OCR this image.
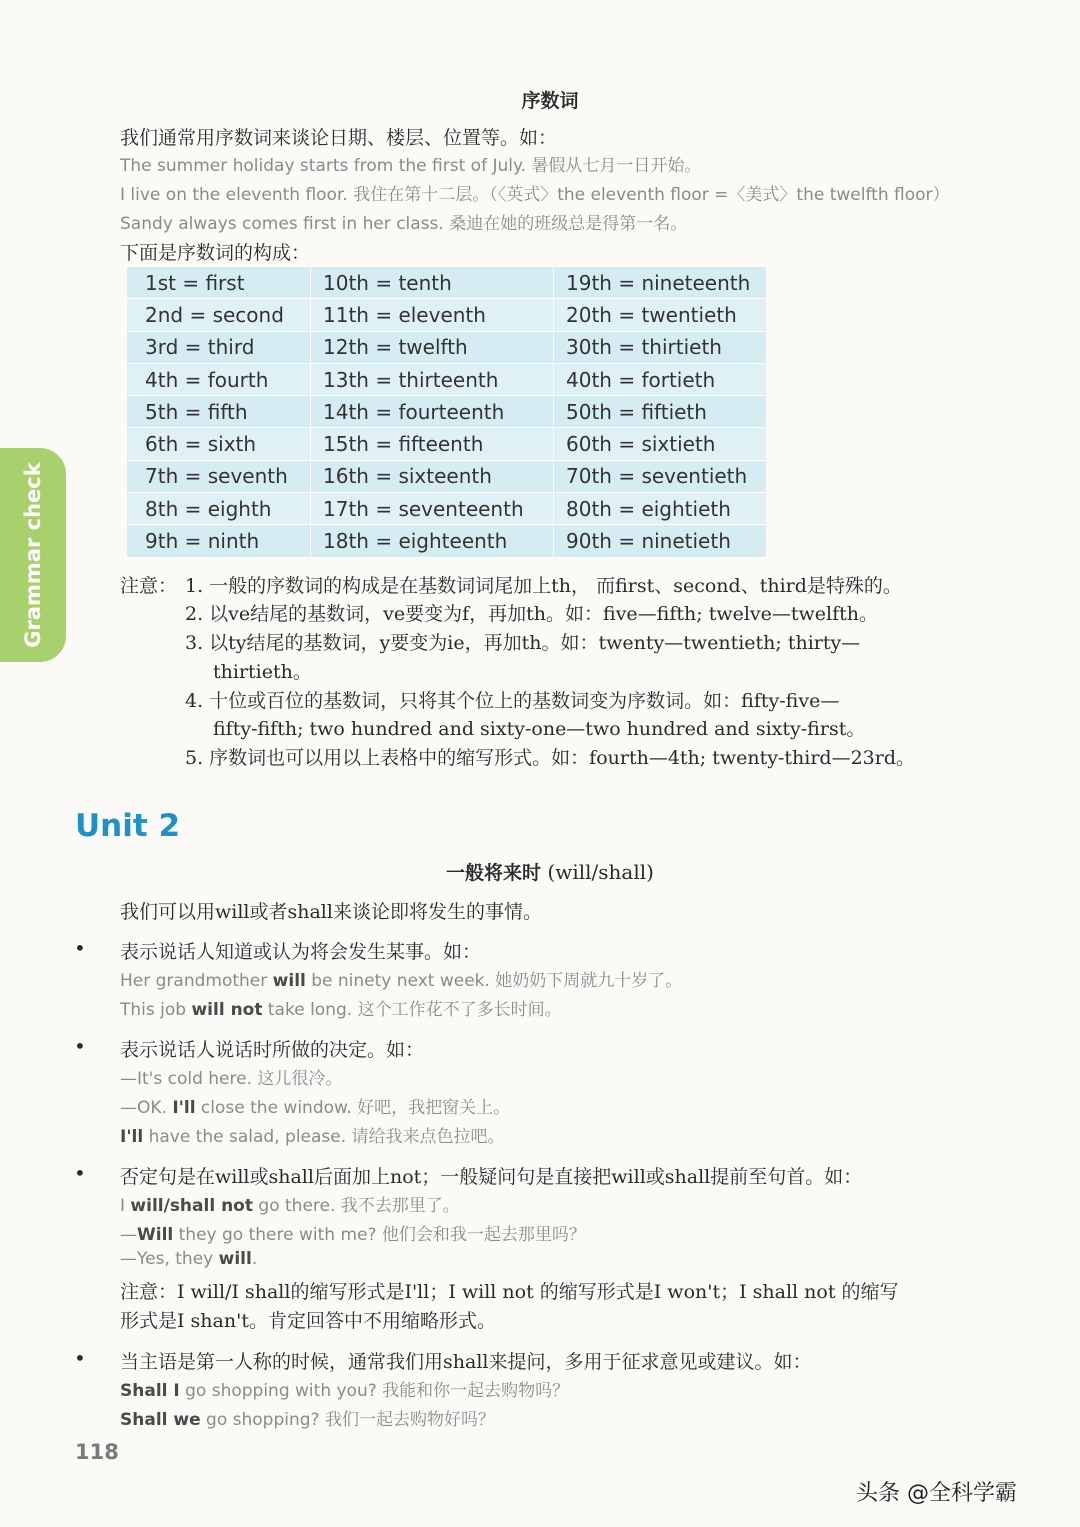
Grammar check
序数词
我们通常用序数词来谈论日期、楼层、位置等。如：
The summer holiday starts from the first of July. 暑假从七月一日开始。
I live on the eleventh floor. 我住在第十二层。（〈英式〉the eleventh floor =〈美式〉the twelfth floor）
Sandy always comes first in her class. 桑迪在她的班级总是得第一名。
下面是序数词的构成：
1st = first	10th = tenth	19th = nineteenth
2nd = second	11th = eleventh	20th = twentieth
3rd = third	12th = twelfth	30th = thirtieth
4th = fourth	13th = thirteenth	40th = fortieth
5th = fifth	14th = fourteenth	50th = fiftieth
6th = sixth	15th = fifteenth	60th = sixtieth
7th = seventh	16th = sixteenth	70th = seventieth
8th = eighth	17th = seventeenth	80th = eightieth
9th = ninth	18th = eighteenth	90th = ninetieth
注意： 1. 一般的序数词的构成是在基数词词尾加上th， 而first、second、third是特殊的。
2. 以ve结尾的基数词，ve要变为f，再加th。如：five—fifth; twelve—twelfth。
3. 以ty结尾的基数词，y要变为ie，再加th。如：twenty—twentieth; thirty—
thirtieth。
4. 十位或百位的基数词，只将其个位上的基数词变为序数词。如：fifty-five—
fifty-fifth; two hundred and sixty-one—two hundred and sixty-first。
5. 序数词也可以用以上表格中的缩写形式。如：fourth—4th; twenty-third—23rd。
Unit 2
一般将来时 (will/shall)
我们可以用will或者shall来谈论即将发生的事情。
• 表示说话人知道或认为将会发生某事。如：
Her grandmother will be ninety next week. 她奶奶下周就九十岁了。
This job will not take long. 这个工作花不了多长时间。
• 表示说话人说话时所做的决定。如：
—It's cold here. 这儿很冷。
—OK. I'll close the window. 好吧，我把窗关上。
I'll have the salad, please. 请给我来点色拉吧。
• 否定句是在will或shall后面加上not；一般疑问句是直接把will或shall提前至句首。如：
I will/shall not go there. 我不去那里了。
—Will they go there with me? 他们会和我一起去那里吗？
—Yes, they will.
注意：I will/I shall的缩写形式是I'll；I will not 的缩写形式是I won't；I shall not 的缩写
形式是I shan't。肯定回答中不用缩略形式。
• 当主语是第一人称的时候，通常我们用shall来提问，多用于征求意见或建议。如：
Shall I go shopping with you? 我能和你一起去购物吗？
Shall we go shopping? 我们一起去购物好吗？
118
头条 @全科学霸
